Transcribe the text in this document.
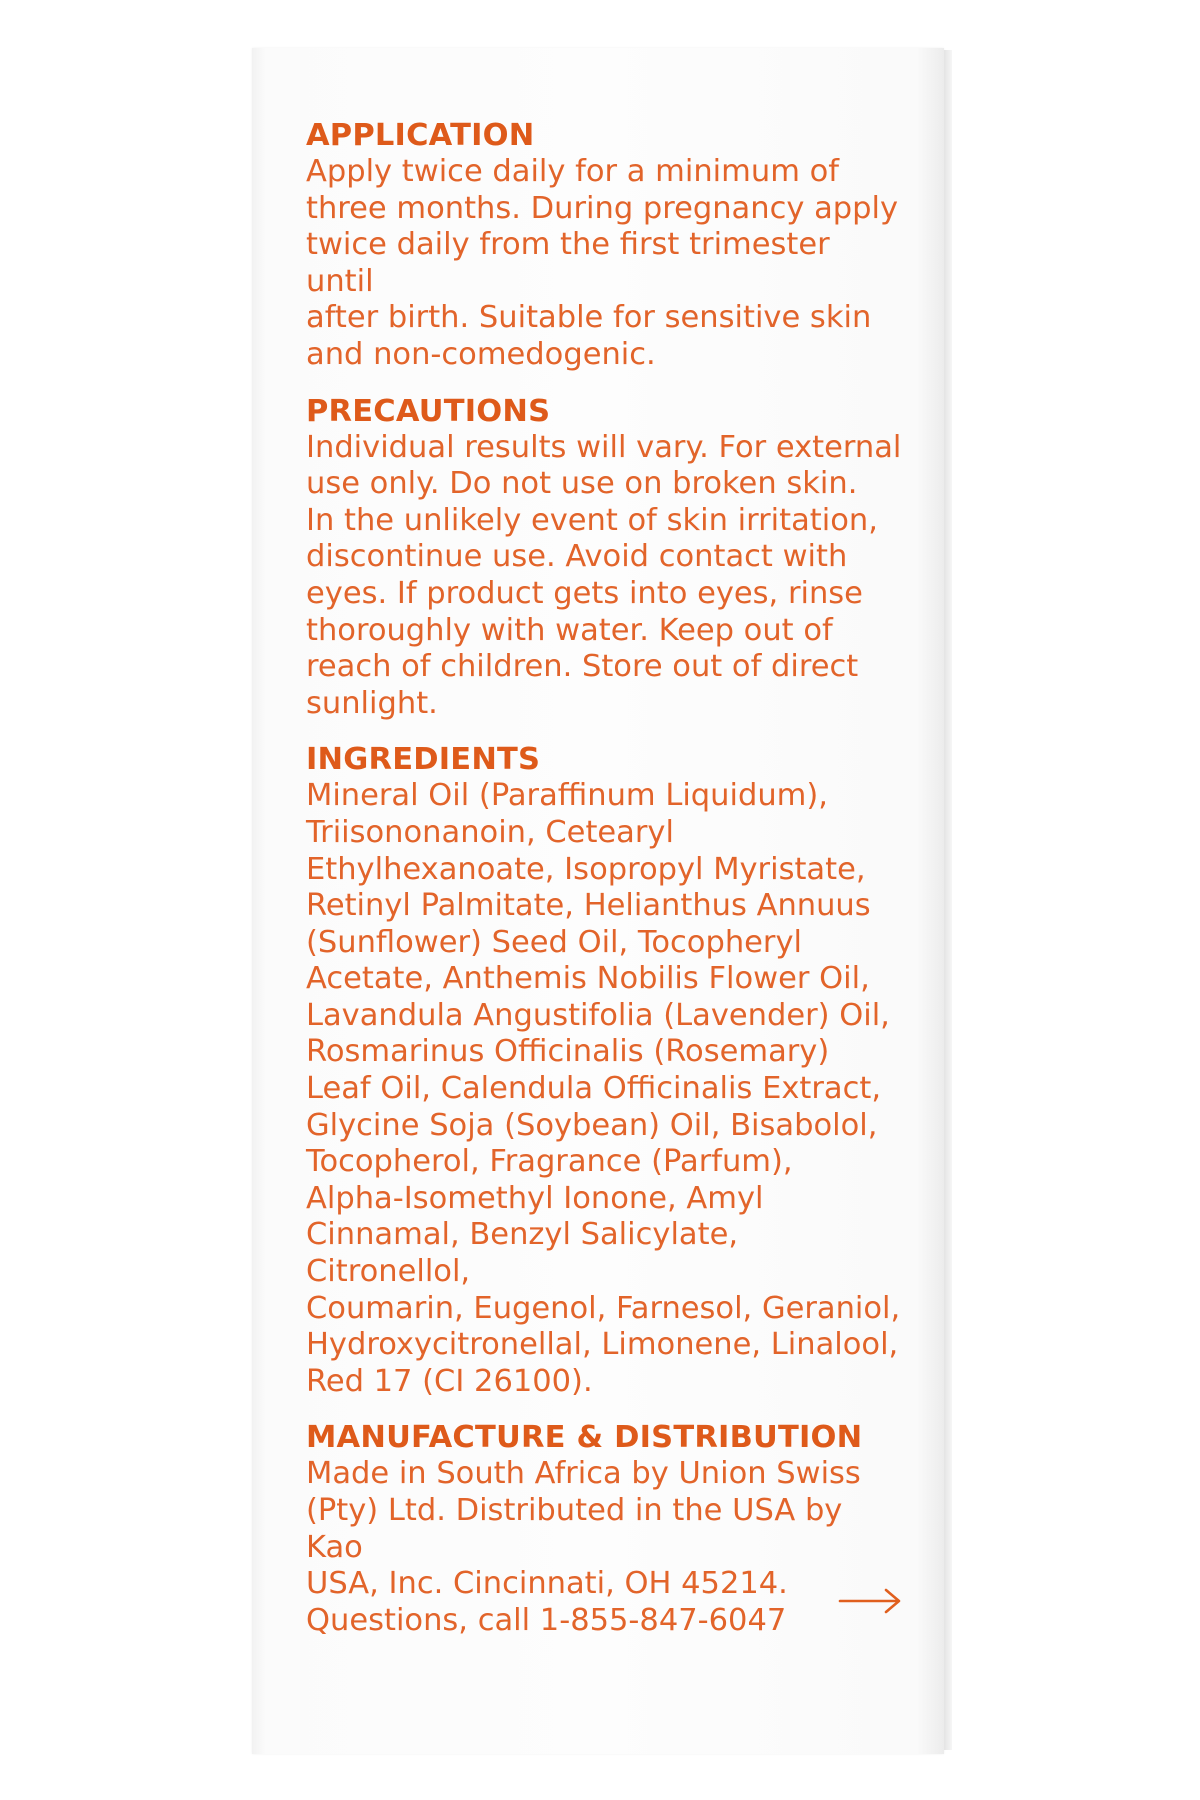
APPLICATION
Apply twice daily for a minimum of
three months. During pregnancy apply
twice daily from the first trimester until
after birth. Suitable for sensitive skin
and non-comedogenic.
PRECAUTIONS
Individual results will vary. For external
use only. Do not use on broken skin.
In the unlikely event of skin irritation,
discontinue use. Avoid contact with
eyes. If product gets into eyes, rinse
thoroughly with water. Keep out of
reach of children. Store out of direct
sunlight.
INGREDIENTS
Mineral Oil (Paraffinum Liquidum),
Triisononanoin, Cetearyl
Ethylhexanoate, Isopropyl Myristate,
Retinyl Palmitate, Helianthus Annuus
(Sunflower) Seed Oil, Tocopheryl
Acetate, Anthemis Nobilis Flower Oil,
Lavandula Angustifolia (Lavender) Oil,
Rosmarinus Officinalis (Rosemary)
Leaf Oil, Calendula Officinalis Extract,
Glycine Soja (Soybean) Oil, Bisabolol,
Tocopherol, Fragrance (Parfum),
Alpha-Isomethyl Ionone, Amyl
Cinnamal, Benzyl Salicylate, Citronellol,
Coumarin, Eugenol, Farnesol, Geraniol,
Hydroxycitronellal, Limonene, Linalool,
Red 17 (CI 26100).
MANUFACTURE & DISTRIBUTION
Made in South Africa by Union Swiss
(Pty) Ltd. Distributed in the USA by Kao
USA, Inc. Cincinnati, OH 45214.
Questions, call 1-855-847-6047
